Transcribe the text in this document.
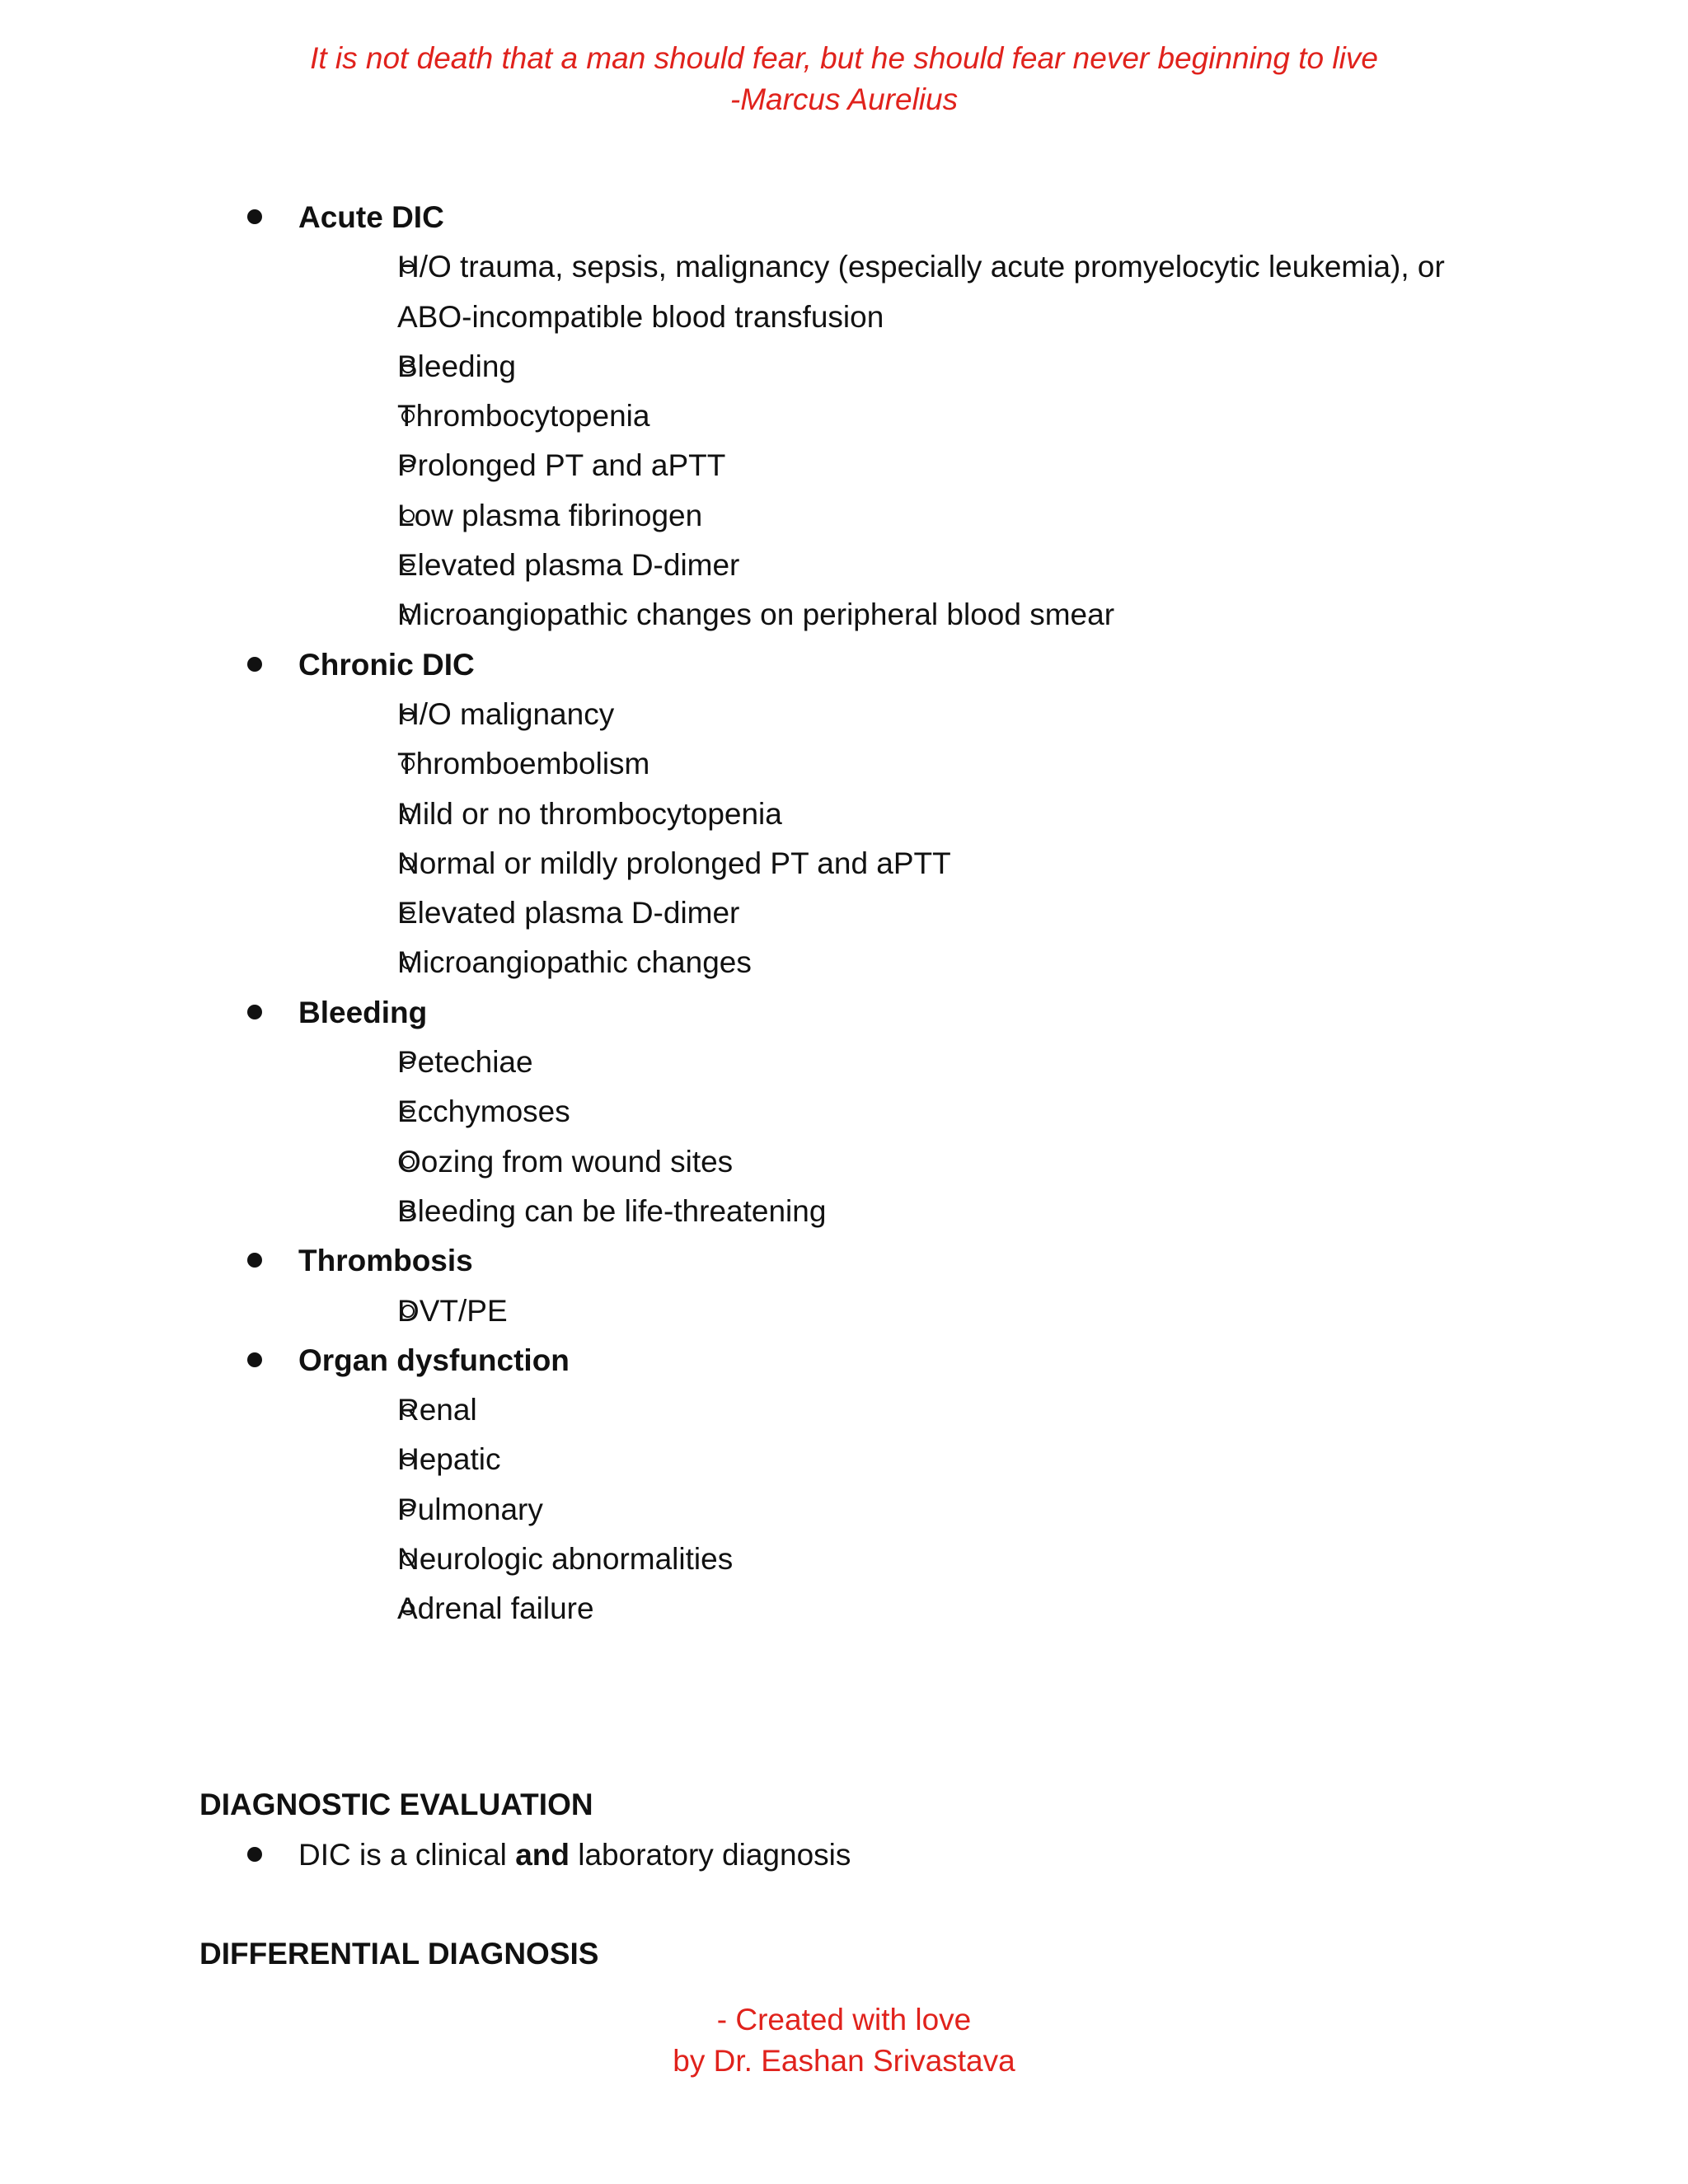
It is not death that a man should fear, but he should fear never beginning to live
-Marcus Aurelius
Acute DIC
H/O trauma, sepsis, malignancy (especially acute promyelocytic leukemia), or ABO-incompatible blood transfusion
Bleeding
Thrombocytopenia
Prolonged PT and aPTT
Low plasma fibrinogen
Elevated plasma D-dimer
Microangiopathic changes on peripheral blood smear
Chronic DIC
H/O malignancy
Thromboembolism
Mild or no thrombocytopenia
Normal or mildly prolonged PT and aPTT
Elevated plasma D-dimer
Microangiopathic changes
Bleeding
Petechiae
Ecchymoses
Oozing from wound sites
Bleeding can be life-threatening
Thrombosis
DVT/PE
Organ dysfunction
Renal
Hepatic
Pulmonary
Neurologic abnormalities
Adrenal failure
DIAGNOSTIC EVALUATION
DIC is a clinical and laboratory diagnosis
DIFFERENTIAL DIAGNOSIS
- Created with love
by Dr. Eashan Srivastava
